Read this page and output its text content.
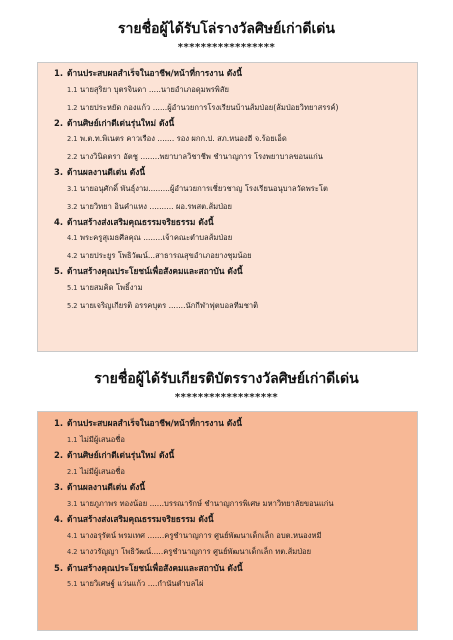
รายชื่อผู้ได้รับโล่รางวัลศิษย์เก่าดีเด่น
*****************
1. ด้านประสบผลสำเร็จในอาชีพ/หน้าที่การงาน ดังนี้
1.1 นายสุริยา บุตรจินดา .....นายอำเภอดุมพรพิสัย
1.2 นายประหยัด กองแก้ว ......ผู้อำนวยการโรงเรียนบ้านส้มป่อย(ส้มป่อยวิทยาสรรค์)
2. ด้านศิษย์เก่าดีเด่นรุ่นใหม่ ดังนี้
2.1 พ.ต.ท.พิเนตร คาวเรือง ....... รอง ผกก.ป. สภ.หนองฮี จ.ร้อยเอ็ด
2.2 นางวินิดตรา อัตชู ........พยาบาลวิชาชีพ ชำนาญการ โรงพยาบาลขอนแก่น
3. ด้านผลงานดีเด่น ดังนี้
3.1 นายอนุศักดิ์ พันธุ์งาม.........ผู้อำนวยการเชี่ยวชาญ โรงเรียนอนุบาลวัดพระโต
3.2 นายวิทยา อินคำแหง .......... ผอ.รพสต.ส้มป่อย
4. ด้านสร้างส่งเสริมคุณธรรมจริยธรรม ดังนี้
4.1 พระครูสุเมธศีลคุณ ........เจ้าคณะตำบลส้มป่อย
4.2 นายประยูร โพธิวัฒน์...สาธารณสุขอำเภอยางชุมน้อย
5. ด้านสร้างคุณประโยชน์เพื่อสังคมและสถาบัน ดังนี้
5.1 นายสมคิด โพธิ์งาม
5.2 นายเจริญเกียรติ อรรคบุตร .......นักกีฬาฟุตบอลทีมชาติ
รายชื่อผู้ได้รับเกียรติบัตรรางวัลศิษย์เก่าดีเด่น
******************
1. ด้านประสบผลสำเร็จในอาชีพ/หน้าที่การงาน ดังนี้
1.1 ไม่มีผู้เสนอชื่อ
2. ด้านศิษย์เก่าดีเด่นรุ่นใหม่ ดังนี้
2.1 ไม่มีผู้เสนอชื่อ
3. ด้านผลงานดีเด่น ดังนี้
3.1 นายภูภาพร ทองน้อย ......บรรณารักษ์ ชำนาญการพิเศษ มหาวิทยาลัยขอนแก่น
4. ด้านสร้างส่งเสริมคุณธรรมจริยธรรม ดังนี้
4.1 นางอรุรัตน์ พรมเทศ .......ครูชำนาญการ ศูนย์พัฒนาเด็กเล็ก อบต.หนองหมี
4.2 นางวรัญญา โพธิวัฒน์.....ครูชำนาญการ ศูนย์พัฒนาเด็กเล็ก ทต.ส้มป่อย
5. ด้านสร้างคุณประโยชน์เพื่อสังคมและสถาบัน ดังนี้
5.1 นายวิเศษฐ์ แว่นแก้ว ....กำนันตำบลไผ่
